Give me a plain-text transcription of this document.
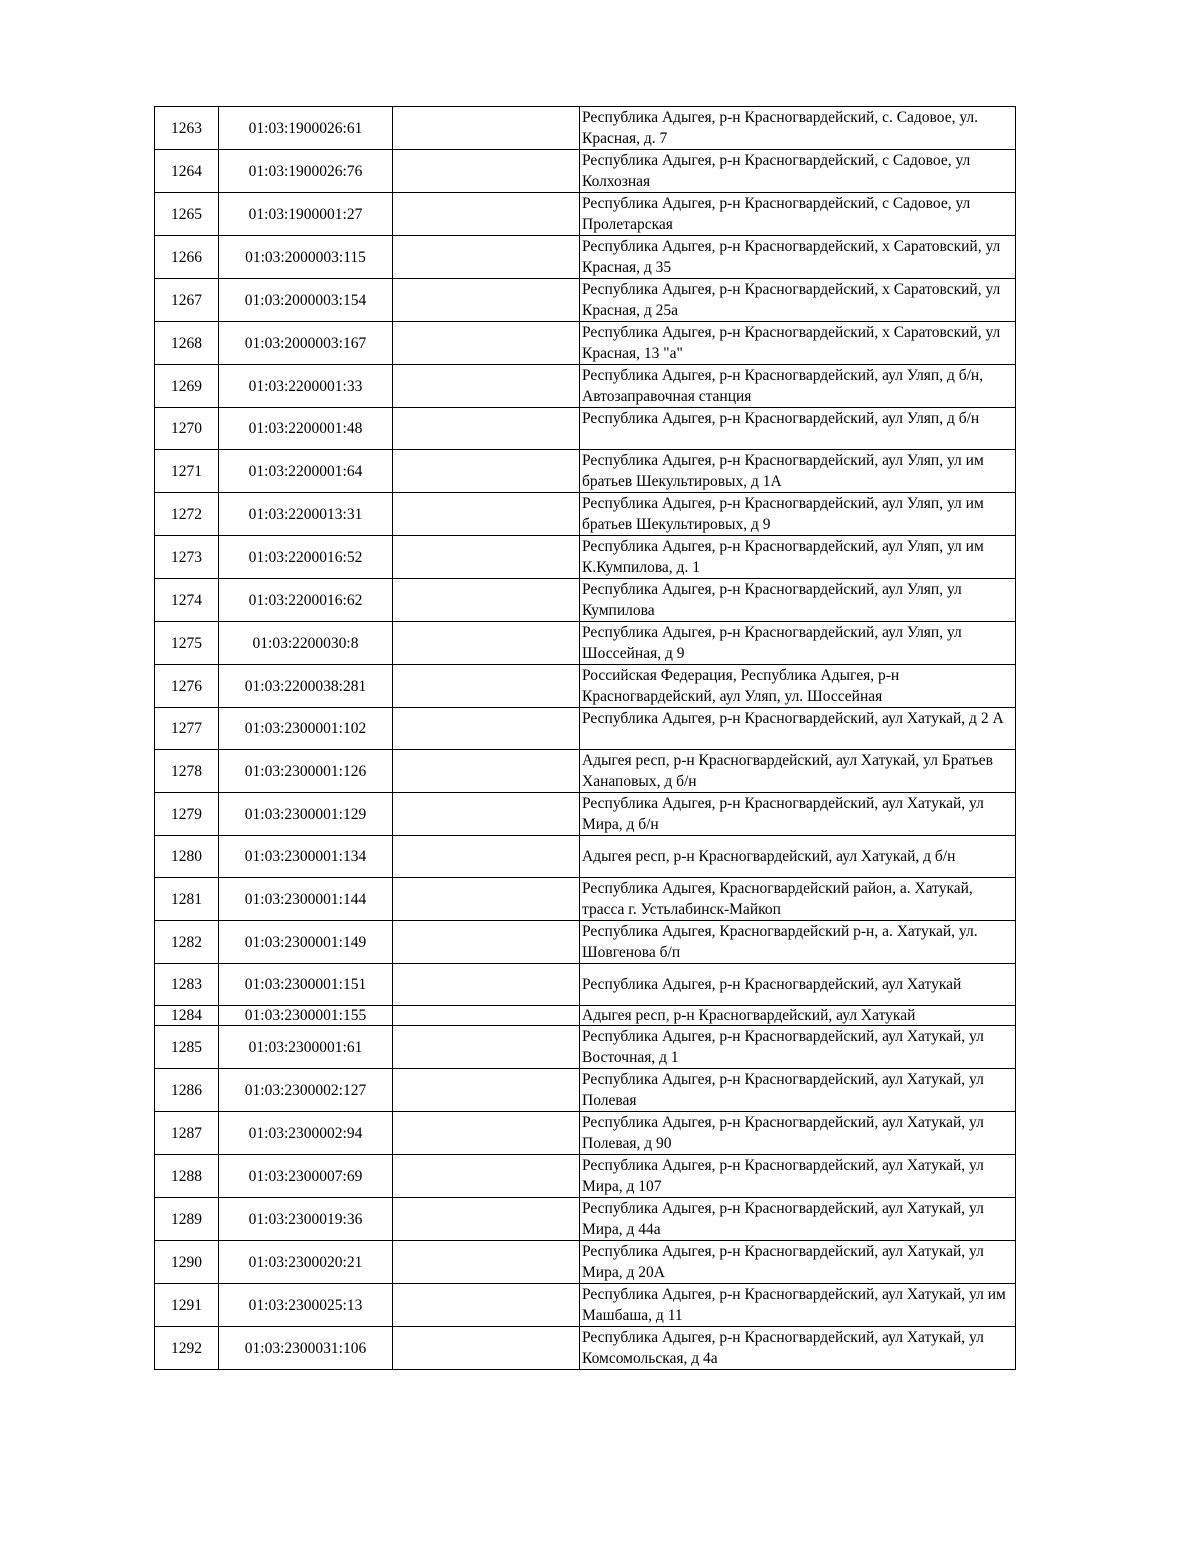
1263	01:03:1900026:61		Республика Адыгея, р-н Красногвардейский, с. Садовое, ул. Красная, д. 7
1264	01:03:1900026:76		Республика Адыгея, р-н Красногвардейский, с Садовое, ул Колхозная
1265	01:03:1900001:27		Республика Адыгея, р-н Красногвардейский, с Садовое, ул Пролетарская
1266	01:03:2000003:115		Республика Адыгея, р-н Красногвардейский, х Саратовский, ул Красная, д 35
1267	01:03:2000003:154		Республика Адыгея, р-н Красногвардейский, х Саратовский, ул Красная, д 25а
1268	01:03:2000003:167		Республика Адыгея, р-н Красногвардейский, х Саратовский, ул Красная, 13 "а"
1269	01:03:2200001:33		Республика Адыгея, р-н Красногвардейский, аул Уляп, д б/н, Автозаправочная станция
1270	01:03:2200001:48		Республика Адыгея, р-н Красногвардейский, аул Уляп, д б/н
1271	01:03:2200001:64		Республика Адыгея, р-н Красногвардейский, аул Уляп, ул им братьев Шекультировых, д 1А
1272	01:03:2200013:31		Республика Адыгея, р-н Красногвардейский, аул Уляп, ул им братьев Шекультировых, д 9
1273	01:03:2200016:52		Республика Адыгея, р-н Красногвардейский, аул Уляп, ул им К.Кумпилова, д. 1
1274	01:03:2200016:62		Республика Адыгея, р-н Красногвардейский, аул Уляп, ул Кумпилова
1275	01:03:2200030:8		Республика Адыгея, р-н Красногвардейский, аул Уляп, ул Шоссейная, д 9
1276	01:03:2200038:281		Российская Федерация, Республика Адыгея, р-н Красногвардейский, аул Уляп, ул. Шоссейная
1277	01:03:2300001:102		Республика Адыгея, р-н Красногвардейский, аул Хатукай, д 2 А
1278	01:03:2300001:126		Адыгея респ, р-н Красногвардейский, аул Хатукай, ул Братьев Ханаповых, д б/н
1279	01:03:2300001:129		Республика Адыгея, р-н Красногвардейский, аул Хатукай, ул Мира, д б/н
1280	01:03:2300001:134		Адыгея респ, р-н Красногвардейский, аул Хатукай, д б/н
1281	01:03:2300001:144		Республика Адыгея, Красногвардейский район, а. Хатукай, трасса г. Устьлабинск-Майкоп
1282	01:03:2300001:149		Республика Адыгея, Красногвардейский р-н, а. Хатукай, ул. Шовгенова б/п
1283	01:03:2300001:151		Республика Адыгея, р-н Красногвардейский, аул Хатукай
1284	01:03:2300001:155		Адыгея респ, р-н Красногвардейский, аул Хатукай
1285	01:03:2300001:61		Республика Адыгея, р-н Красногвардейский, аул Хатукай, ул Восточная, д 1
1286	01:03:2300002:127		Республика Адыгея, р-н Красногвардейский, аул Хатукай, ул Полевая
1287	01:03:2300002:94		Республика Адыгея, р-н Красногвардейский, аул Хатукай, ул Полевая, д 90
1288	01:03:2300007:69		Республика Адыгея, р-н Красногвардейский, аул Хатукай, ул Мира, д 107
1289	01:03:2300019:36		Республика Адыгея, р-н Красногвардейский, аул Хатукай, ул Мира, д 44а
1290	01:03:2300020:21		Республика Адыгея, р-н Красногвардейский, аул Хатукай, ул Мира, д 20А
1291	01:03:2300025:13		Республика Адыгея, р-н Красногвардейский, аул Хатукай, ул им Машбаша, д 11
1292	01:03:2300031:106		Республика Адыгея, р-н Красногвардейский, аул Хатукай, ул Комсомольская, д 4а
